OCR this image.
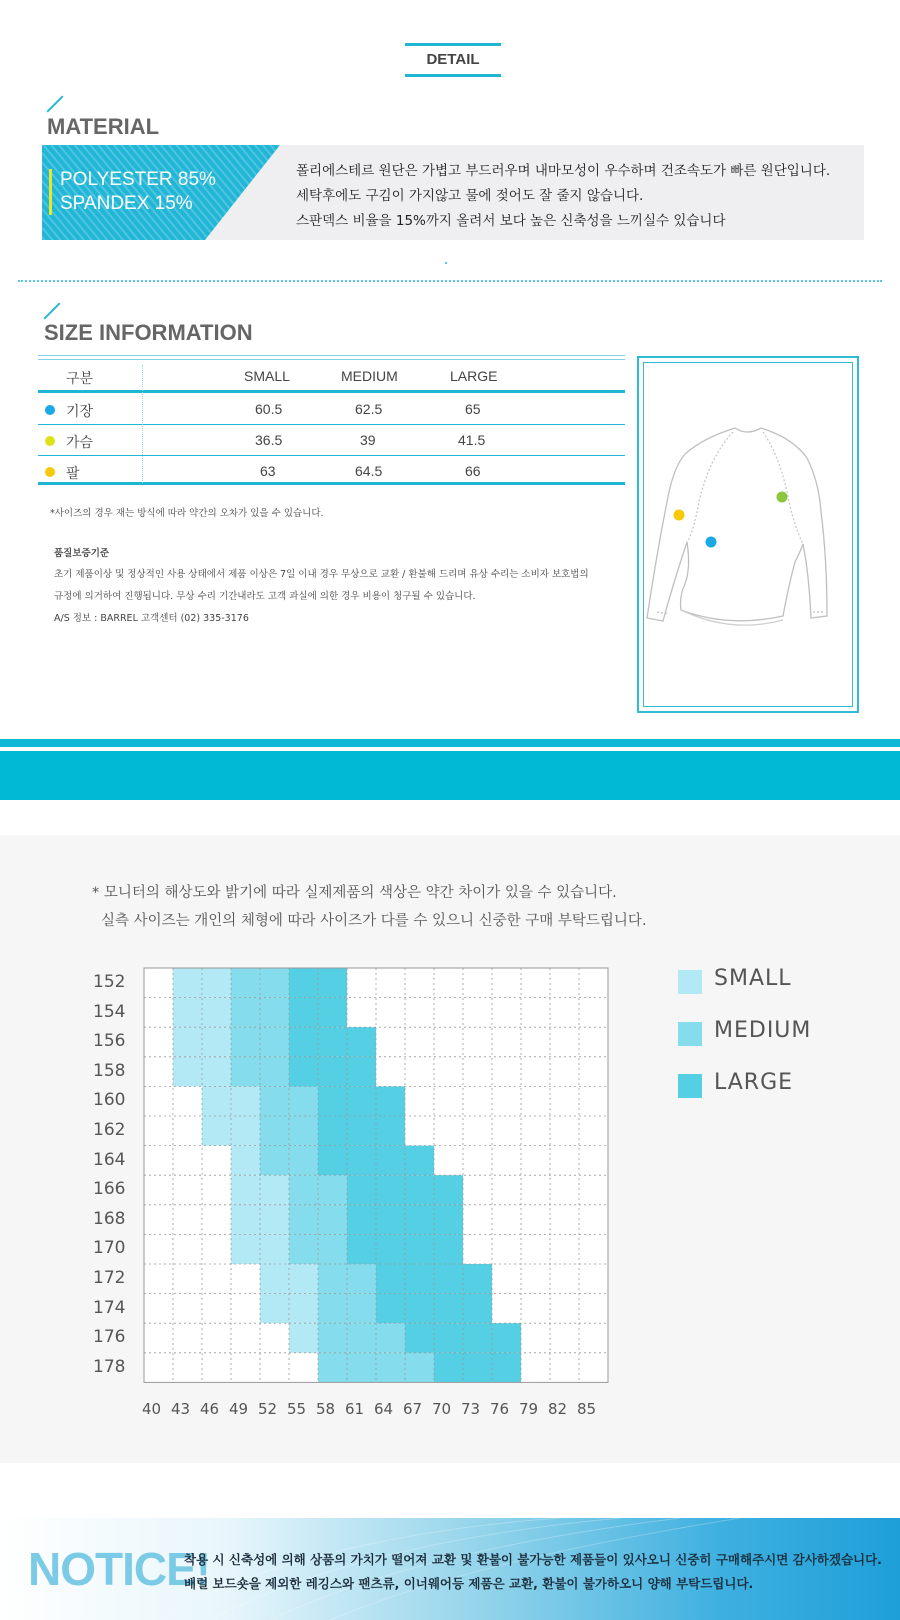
DETAIL
MATERIAL
POLYESTER 85%
SPANDEX 15%
폴리에스테르 원단은 가볍고 부드러우며 내마모성이 우수하며 건조속도가 빠른 원단입니다.
세탁후에도 구김이 가지않고 물에 젖어도 잘 줄지 않습니다.
스판덱스 비율을 15%까지 올려서 보다 높은 신축성을 느끼실수 있습니다
SIZE INFORMATION
구분	SMALL	MEDIUM	LARGE
기장	60.5	62.5	65
가슴	36.5	39	41.5
팔	63	64.5	66
*사이즈의 경우 재는 방식에 따라 약간의 오차가 있을 수 있습니다.
품질보증기준
초기 제품이상 및 정상적인 사용 상태에서 제품 이상은 7일 이내 경우 무상으로 교환 / 환불해 드리며 유상 수리는 소비자 보호법의
규정에 의거하여 진행됩니다. 무상 수리 기간내라도 고객 과실에 의한 경우 비용이 청구될 수 있습니다.
A/S 정보 : BARREL 고객센터 (02) 335-3176
* 모니터의 해상도와 밝기에 따라 실제제품의 색상은 약간 차이가 있을 수 있습니다.
실측 사이즈는 개인의 체형에 따라 사이즈가 다를 수 있으니 신중한 구매 부탁드립니다.
152
154
156
158
160
162
164
166
168
170
172
174
176
178
40 43 46 49 52 55 58 61 64 67 70 73 76 79 82 85
SMALL
MEDIUM
LARGE
NOTICE!
착용 시 신축성에 의해 상품의 가치가 떨어져 교환 및 환불이 불가능한 제품들이 있사오니 신중히 구매해주시면 감사하겠습니다.
배럴 보드숏을 제외한 레깅스와 팬츠류, 이너웨어등 제품은 교환, 환불이 불가하오니 양해 부탁드립니다.
